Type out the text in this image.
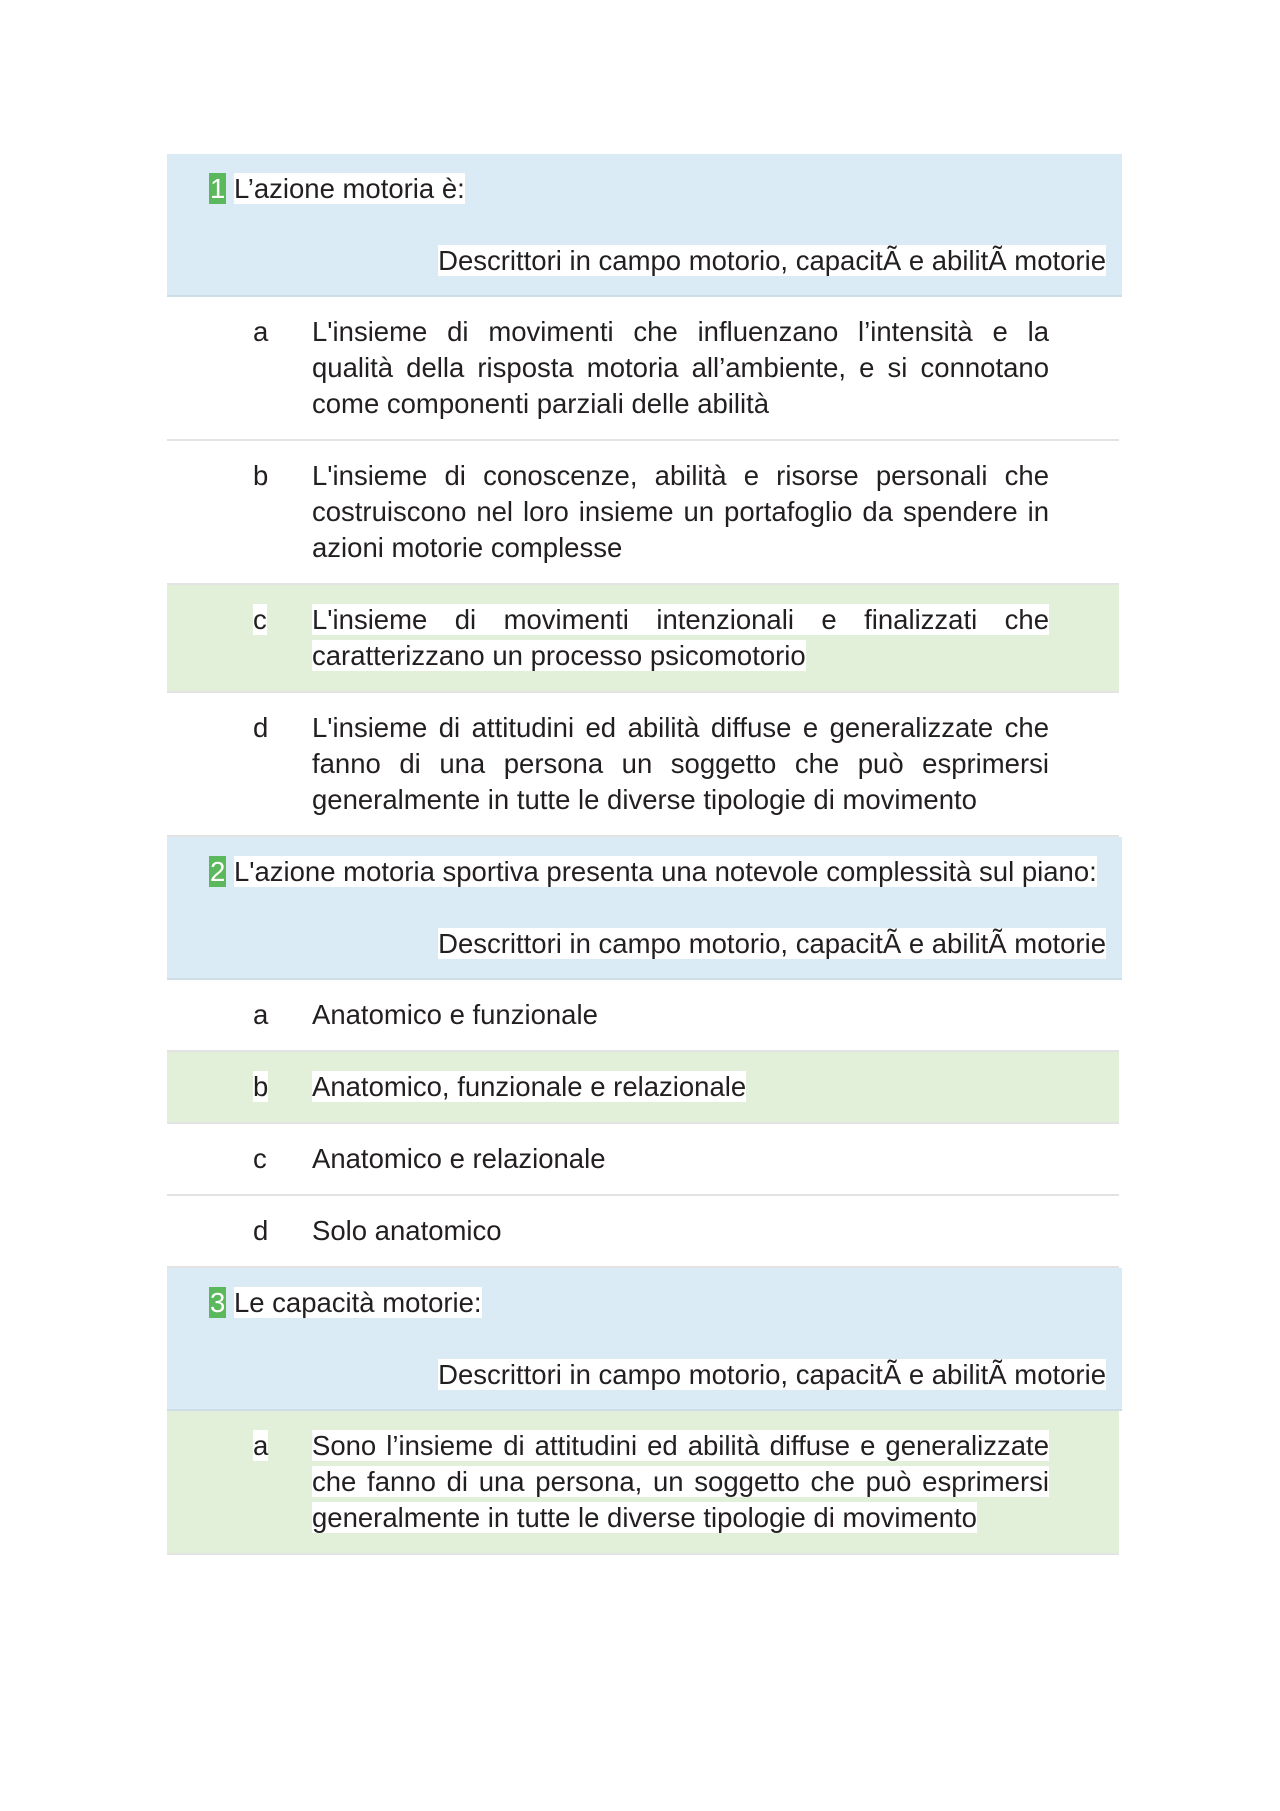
1 L’azione motoria è:
Descrittori in campo motorio, capacitÃ e abilitÃ motorie
a	L'insieme di movimenti che influenzano l’intensità e la qualità della risposta motoria all’ambiente, e si connotano come componenti parziali delle abilità
b	L'insieme di conoscenze, abilità e risorse personali che costruiscono nel loro insieme un portafoglio da spendere in azioni motorie complesse
c	L'insieme di movimenti intenzionali e finalizzati che caratterizzano un processo psicomotorio
d	L'insieme di attitudini ed abilità diffuse e generalizzate che fanno di una persona un soggetto che può esprimersi generalmente in tutte le diverse tipologie di movimento
2 L'azione motoria sportiva presenta una notevole complessità sul piano:
Descrittori in campo motorio, capacitÃ e abilitÃ motorie
a	Anatomico e funzionale
b	Anatomico, funzionale e relazionale
c	Anatomico e relazionale
d	Solo anatomico
3 Le capacità motorie:
Descrittori in campo motorio, capacitÃ e abilitÃ motorie
a	Sono l’insieme di attitudini ed abilità diffuse e generalizzate che fanno di una persona, un soggetto che può esprimersi generalmente in tutte le diverse tipologie di movimento
